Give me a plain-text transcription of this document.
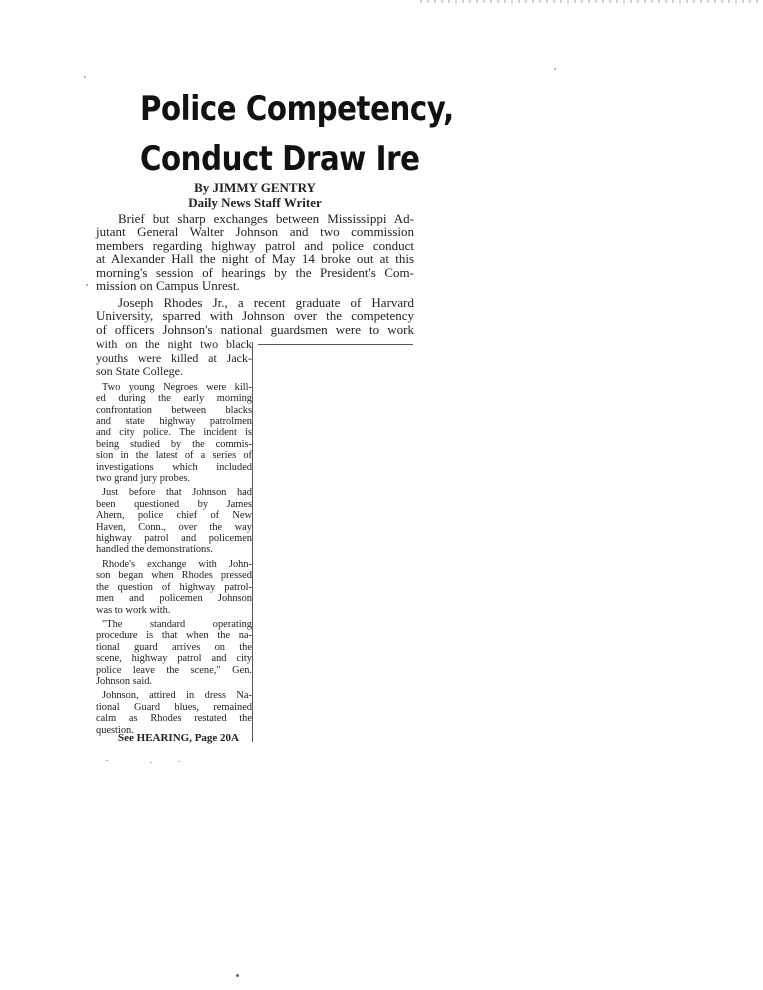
Police Competency,
Conduct Draw Ire
By JIMMY GENTRY
Daily News Staff Writer
Brief but sharp exchanges between Mississippi Ad-
jutant General Walter Johnson and two commission
members regarding highway patrol and police conduct
at Alexander Hall the night of May 14 broke out at this
morning's session of hearings by the President's Com-
mission on Campus Unrest.
Joseph Rhodes Jr., a recent graduate of Harvard
University, sparred with Johnson over the competency
of officers Johnson's national guardsmen were to work
with on the night two black
youths were killed at Jack-
son State College.
Two young Negroes were kill-
ed during the early morning
confrontation between blacks
and state highway patrolmen
and city police. The incident is
being studied by the commis-
sion in the latest of a series of
investigations which included
two grand jury probes.
Just before that Johnson had
been questioned by James
Ahern, police chief of New
Haven, Conn., over the way
highway patrol and policemen
handled the demonstrations.
Rhode's exchange with John-
son began when Rhodes pressed
the question of highway patrol-
men and policemen Johnson
was to work with.
"The standard operating
procedure is that when the na-
tional guard arrives on the
scene, highway patrol and city
police leave the scene," Gen.
Johnson said.
Johnson, attired in dress Na-
tional Guard blues, remained
calm as Rhodes restated the
question.
See HEARING, Page 20A
